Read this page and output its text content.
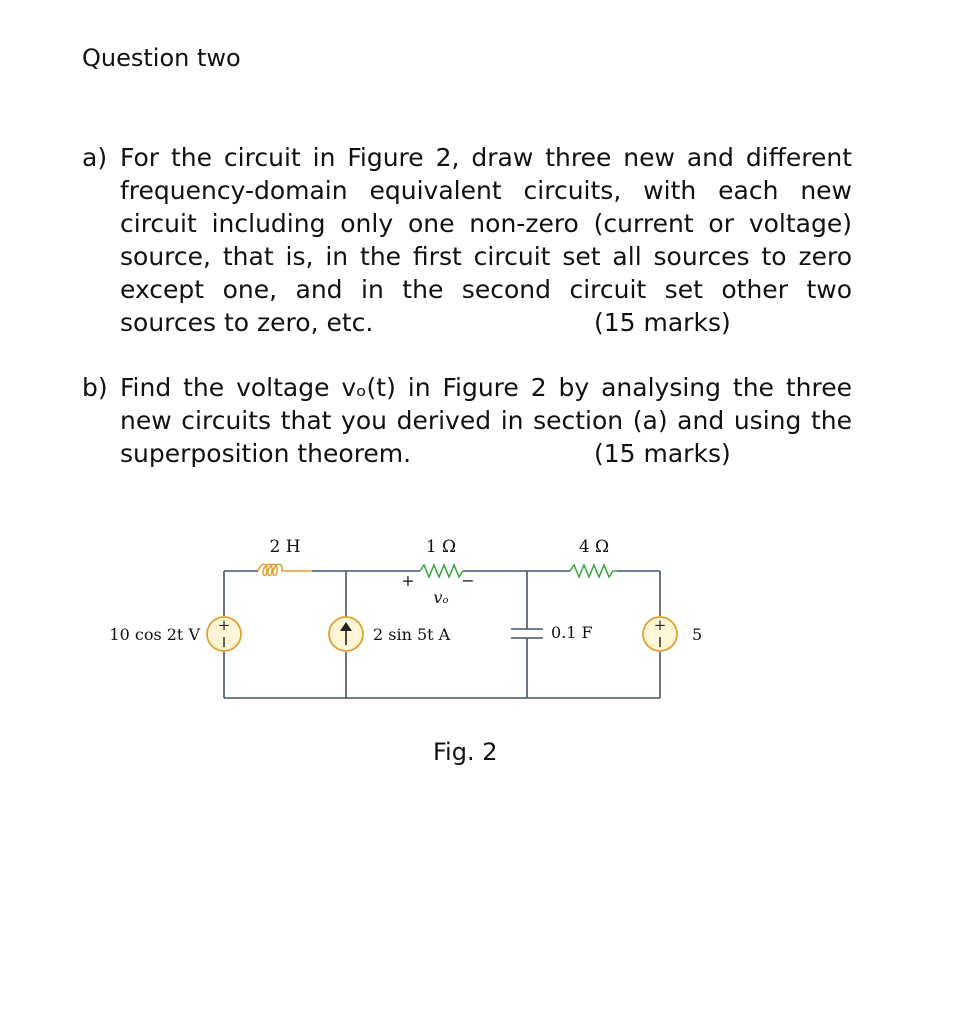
Question two
a) For the circuit in Figure 2, draw three new and different
frequency-domain equivalent circuits, with each new
circuit including only one non-zero (current or voltage)
source, that is, in the first circuit set all sources to zero
except one, and in the second circuit set other two
sources to zero, etc.	(15 marks)
b) Find the voltage vₒ(t) in Figure 2 by analysing the three
new circuits that you derived in section (a) and using the
superposition theorem.	(15 marks)
+	+
2 H	1 Ω	4 Ω
+	−
vₒ
10 cos 2t V	2 sin 5t A	0.1 F	5
Fig. 2
